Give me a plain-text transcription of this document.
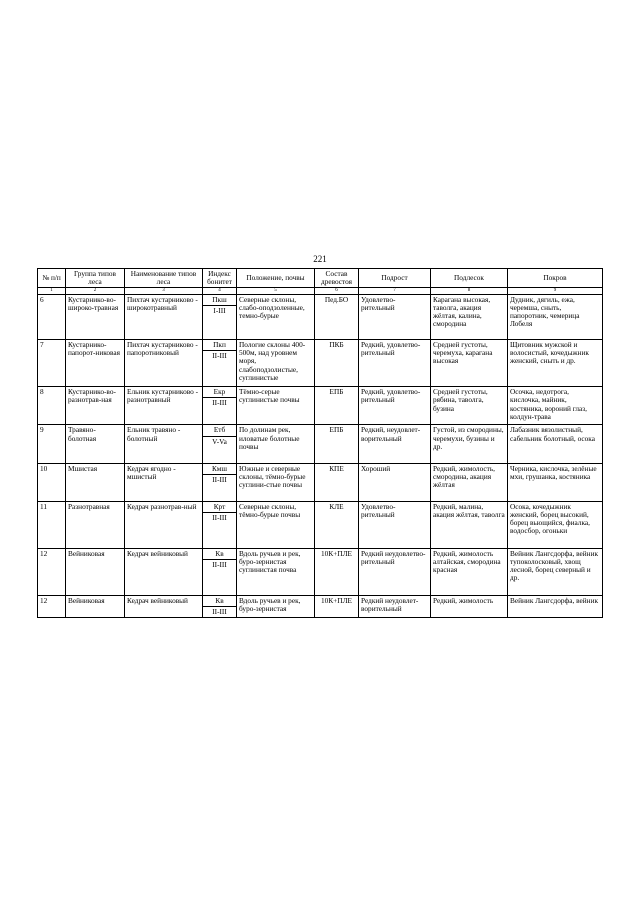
221
№ п/п	Группа типов леса	Наименование типов леса	Индекс бонитет	Положение, почвы	Состав древостоя	Подрост	Подлесок	Покров
1	2	3	4	5	6	7	8	9
6	Кустарнико-во-широко-травная	Пихтач кустарниково - широкотравный	Пкш	Северные склоны, слабо-оподзоленные, темно-бурые	Пед.БО	Удовлетво-рительный	Карагана высокая, таволга, акация жёлтая, калина, смородина	Дудник, дягиль, ежа, черемша, сныть, папоротник, чемерица Лобеля
			I-III					
7	Кустарнико-папорот-никовая	Пихтач кустарниково - папоротниковый	Пкп	Пологие склоны 400-500м, над уровнем моря, слабоподзолистые, суглинистые	ПКБ	Редкий, удовлетво-рительный	Средней густоты, черемуха, карагана высокая	Щитовник мужской и волосистый, кочедыжник женский, сныть и др.
			II-III					
8	Кустарнико-во-разнотрав-ная	Ельник кустарниково - разнотравный	Екр	Тёмно-серые суглинистые почвы	ЕПБ	Редкий, удовлетво-рительный	Средней густоты, рябина, таволга, бузина	Осочка, недотрога, кислочка, майник, костяника, вороний глаз, колдун-трава
			II-III					
9	Травяно-болотная	Ельник травяно - болотный	Етб	По долинам рек, иловатые болотные почвы	ЕПБ	Редкий, неудовлет-ворительный	Густой, из смородины, черемухи, бузины и др.	Лабазник вязолистный, сабельник болотный, осока
			V-Va					
10	Мшистая	Кедрач ягодно - мшистый	Кмш	Южные и северные склоны, тёмно-бурые суглини-стые почвы	КПЕ	Хороший	Редкий, жимолость, смородина, акация жёлтая	Черника, кислочка, зелёные мхи, грушанка, костяника
			II-III					
11	Разнотравная	Кедрач разнотрав-ный	Крт	Северные склоны, тёмно-бурые почвы	КЛЕ	Удовлетво-рительный	Редкий, малина, акация жёлтая, таволга	Осока, кочедыжник женский, борец высокий, борец вьющийся, фиалка, водосбор, огоньки
			II-III					
12	Вейниковая	Кедрач вейниковый	Кв	Вдоль ручьев и рек, буро-зернистая суглинистая почва	10К+ПЛЕ	Редкий неудовлетво-рительный	Редкий, жимолость алтайская, смородина красная	Вейник Лангсдорфа, вейник тупоколосковый, хвощ лесной, борец северный и др.
			II-III					
12	Вейниковая	Кедрач вейниковый	Кв	Вдоль ручьев и рек, буро-зернистая	10К+ПЛЕ	Редкий неудовлет-ворительный	Редкий, жимолость	Вейник Лангсдорфа, вейник
			II-III					
